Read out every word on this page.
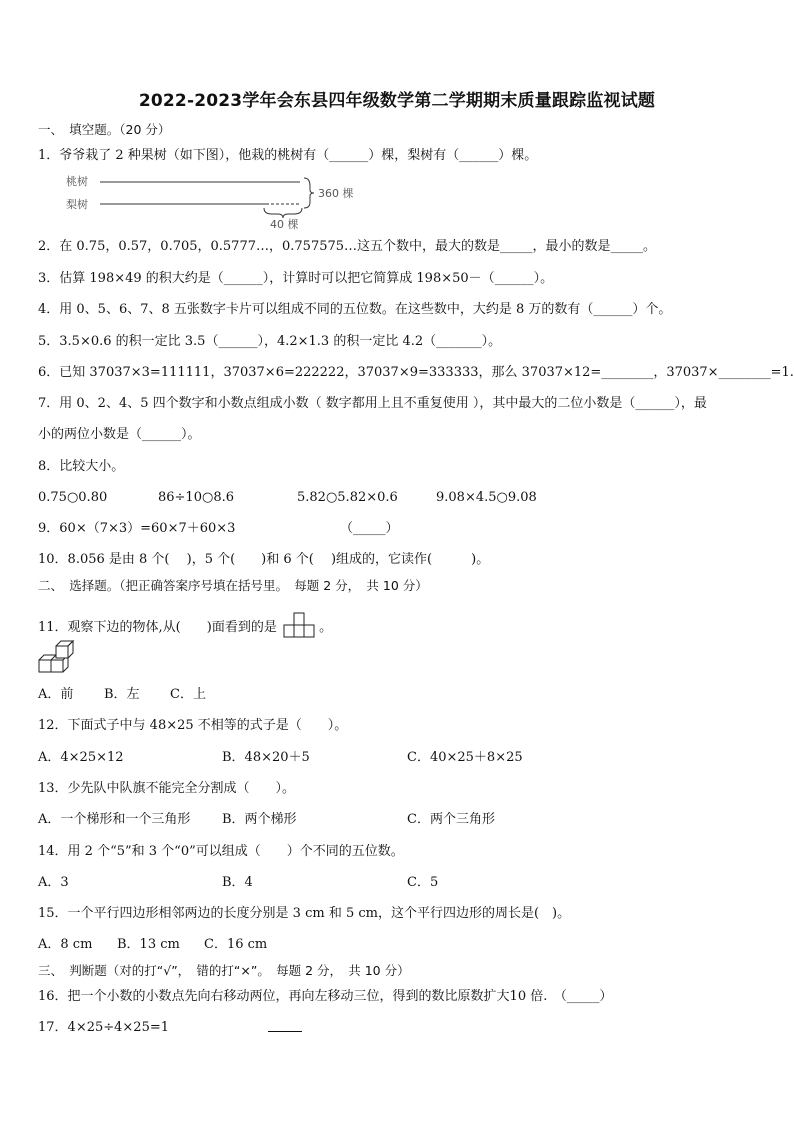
2022-2023学年会东县四年级数学第二学期期末质量跟踪监视试题
一、　填空题。（20 分）
1．爷爷栽了 2 种果树（如下图），他栽的桃树有（______）棵，梨树有（______）棵。
桃树
梨树
360 棵
40 棵
2．在 0.75，0.57，0.705，0.5777…，0.757575…这五个数中，最大的数是_____，最小的数是_____。
3．估算 198×49 的积大约是（______），计算时可以把它简算成 198×50－（______）。
4．用 0、5、6、7、8 五张数字卡片可以组成不同的五位数。在这些数中，大约是 8 万的数有（______）个。
5．3.5×0.6 的积一定比 3.5（______），4.2×1.3 的积一定比 4.2（_______）。
6．已知 37037×3=111111，37037×6=222222，37037×9=333333，那么 37037×12=________，37037×________=1.
7．用 0、2、4、5 四个数字和小数点组成小数（ 数字都用上且不重复使用 ），其中最大的二位小数是（______），最
小的两位小数是（______）。
8．比较大小。
0.75○0.80	86÷10○8.6	5.82○5.82×0.6	9.08×4.5○9.08
9．60×（7×3）=60×7＋60×3	（_____）
10．8.056 是由 8 个(　 )，5 个(　　)和 6 个(　 )组成的，它读作(　　　)。
二、　选择题。（把正确答案序号填在括号里。　每题 2 分，　共 10 分）
11．观察下边的物体,从(　　)面看到的是	。
A．前 B．左 C．上
12．下面式子中与 48×25 不相等的式子是（　　）。
A．4×25×12	B．48×20＋5	C．40×25＋8×25
13．少先队中队旗不能完全分割成（　　）。
A．一个梯形和一个三角形 B．两个梯形	C．两个三角形
14．用 2 个“5”和 3 个“0”可以组成（　　）个不同的五位数。
A．3	B．4	C．5
15．一个平行四边形相邻两边的长度分别是 3 cm 和 5 cm，这个平行四边形的周长是(　)。
A．8 cm B．13 cm C．16 cm
三、　判断题（对的打“√”，　错的打“×”。　每题 2 分，　共 10 分）
16．把一个小数的小数点先向右移动两位，再向左移动三位，得到的数比原数扩大10 倍.　（_____）
17．4×25÷4×25=1
